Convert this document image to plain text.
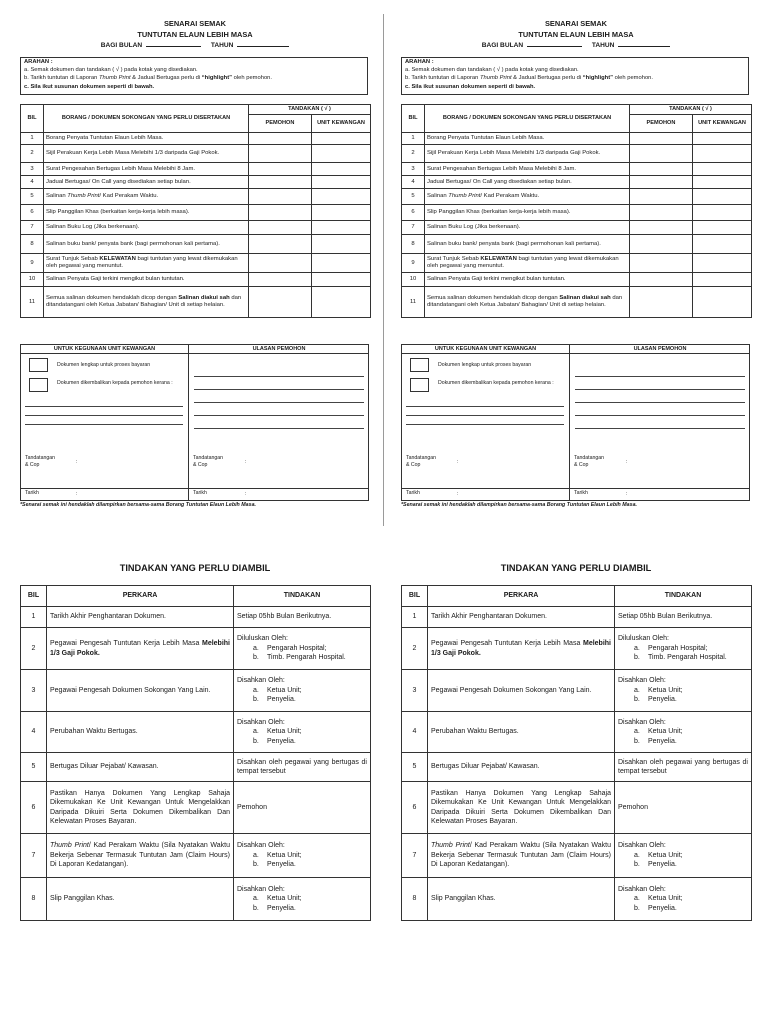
SENARAI SEMAK
TUNTUTAN ELAUN LEBIH MASA
BAGI BULAN	TAHUN
ARAHAN :
a. Semak dokumen dan tandakan ( √ ) pada kotak yang disediakan.
b. Tarikh tuntutan di Laporan Thumb Print & Jadual Bertugas perlu di “highlight” oleh pemohon.
c. Sila ikut susunan dokumen seperti di bawah.
BIL	BORANG / DOKUMEN SOKONGAN YANG PERLU DISERTAKAN	TANDAKAN ( √ )	
		PEMOHON	UNIT KEWANGAN
1	Borang Penyata Tuntutan Elaun Lebih Masa.		
2	Sijil Perakuan Kerja Lebih Masa Melebihi 1/3 daripada Gaji Pokok.		
3	Surat Pengesahan Bertugas Lebih Masa Melebihi 8 Jam.		
4	Jadual Bertugas/ On Call yang disediakan setiap bulan.		
5	Salinan Thumb Print/ Kad Perakam Waktu.		
6	Slip Panggilan Khas (berkaitan kerja-kerja lebih masa).		
7	Salinan Buku Log (Jika berkenaan).		
8	Salinan buku bank/ penyata bank (bagi permohonan kali pertama).		
9	Surat Tunjuk Sebab KELEWATAN bagi tuntutan yang lewat dikemukakan oleh pegawai yang menuntut.		
10	Salinan Penyata Gaji terkini mengikut bulan tuntutan.		
11	Semua salinan dokumen hendaklah dicop dengan Salinan diakui sah dan ditandatangani oleh Ketua Jabatan/ Bahagian/ Unit di setiap helaian.		
UNTUK KEGUNAAN UNIT KEWANGAN	ULASAN PEMOHON
Dokumen lengkap untuk proses bayaran
Dokumen dikembalikan kepada pemohon kerana :
Tandatangan
& Cop	:
Tandatangan
& Cop	:
Tarikh	:	Tarikh	:
*Senarai semak ini hendaklah dilampirkan bersama-sama Borang Tuntutan Elaun Lebih Masa.
TINDAKAN YANG PERLU DIAMBIL
BIL	PERKARA	TINDAKAN
1	Tarikh Akhir Penghantaran Dokumen.	Setiap 05hb Bulan Berikutnya.
2	Pegawai Pengesah Tuntutan Kerja Lebih Masa Melebihi 1/3 Gaji Pokok.	Diluluskan Oleh:
a. Pengarah Hospital;
b. Timb. Pengarah Hospital.

3	Pegawai Pengesah Dokumen Sokongan Yang Lain.	Disahkan Oleh:
a. Ketua Unit;
b. Penyelia.

4	Perubahan Waktu Bertugas.	Disahkan Oleh:
a. Ketua Unit;
b. Penyelia.

5	Bertugas Diluar Pejabat/ Kawasan.	Disahkan oleh pegawai yang bertugas di tempat tersebut
6	Pastikan Hanya Dokumen Yang Lengkap Sahaja Dikemukakan Ke Unit Kewangan Untuk Mengelakkan Daripada Dikuiri Serta Dokumen Dikembalikan Dan Kelewatan Proses Bayaran.	Pemohon
7	Thumb Print/ Kad Perakam Waktu (Sila Nyatakan Waktu Bekerja Sebenar Termasuk Tuntutan Jam (Claim Hours) Di Laporan Kedatangan).	Disahkan Oleh:
a. Ketua Unit;
b. Penyelia.

8	Slip Panggilan Khas.	Disahkan Oleh:
a. Ketua Unit;
b. Penyelia.
SENARAI SEMAK
TUNTUTAN ELAUN LEBIH MASA
BAGI BULAN	TAHUN
ARAHAN :
a. Semak dokumen dan tandakan ( √ ) pada kotak yang disediakan.
b. Tarikh tuntutan di Laporan Thumb Print & Jadual Bertugas perlu di “highlight” oleh pemohon.
c. Sila ikut susunan dokumen seperti di bawah.
BIL	BORANG / DOKUMEN SOKONGAN YANG PERLU DISERTAKAN	TANDAKAN ( √ )	
		PEMOHON	UNIT KEWANGAN
1	Borang Penyata Tuntutan Elaun Lebih Masa.		
2	Sijil Perakuan Kerja Lebih Masa Melebihi 1/3 daripada Gaji Pokok.		
3	Surat Pengesahan Bertugas Lebih Masa Melebihi 8 Jam.		
4	Jadual Bertugas/ On Call yang disediakan setiap bulan.		
5	Salinan Thumb Print/ Kad Perakam Waktu.		
6	Slip Panggilan Khas (berkaitan kerja-kerja lebih masa).		
7	Salinan Buku Log (Jika berkenaan).		
8	Salinan buku bank/ penyata bank (bagi permohonan kali pertama).		
9	Surat Tunjuk Sebab KELEWATAN bagi tuntutan yang lewat dikemukakan oleh pegawai yang menuntut.		
10	Salinan Penyata Gaji terkini mengikut bulan tuntutan.		
11	Semua salinan dokumen hendaklah dicop dengan Salinan diakui sah dan ditandatangani oleh Ketua Jabatan/ Bahagian/ Unit di setiap helaian.		
UNTUK KEGUNAAN UNIT KEWANGAN	ULASAN PEMOHON
Dokumen lengkap untuk proses bayaran
Dokumen dikembalikan kepada pemohon kerana :
Tandatangan
& Cop	:
Tandatangan
& Cop	:
Tarikh	:	Tarikh	:
*Senarai semak ini hendaklah dilampirkan bersama-sama Borang Tuntutan Elaun Lebih Masa.
TINDAKAN YANG PERLU DIAMBIL
BIL	PERKARA	TINDAKAN
1	Tarikh Akhir Penghantaran Dokumen.	Setiap 05hb Bulan Berikutnya.
2	Pegawai Pengesah Tuntutan Kerja Lebih Masa Melebihi 1/3 Gaji Pokok.	Diluluskan Oleh:
a. Pengarah Hospital;
b. Timb. Pengarah Hospital.

3	Pegawai Pengesah Dokumen Sokongan Yang Lain.	Disahkan Oleh:
a. Ketua Unit;
b. Penyelia.

4	Perubahan Waktu Bertugas.	Disahkan Oleh:
a. Ketua Unit;
b. Penyelia.

5	Bertugas Diluar Pejabat/ Kawasan.	Disahkan oleh pegawai yang bertugas di tempat tersebut
6	Pastikan Hanya Dokumen Yang Lengkap Sahaja Dikemukakan Ke Unit Kewangan Untuk Mengelakkan Daripada Dikuiri Serta Dokumen Dikembalikan Dan Kelewatan Proses Bayaran.	Pemohon
7	Thumb Print/ Kad Perakam Waktu (Sila Nyatakan Waktu Bekerja Sebenar Termasuk Tuntutan Jam (Claim Hours) Di Laporan Kedatangan).	Disahkan Oleh:
a. Ketua Unit;
b. Penyelia.

8	Slip Panggilan Khas.	Disahkan Oleh:
a. Ketua Unit;
b. Penyelia.
